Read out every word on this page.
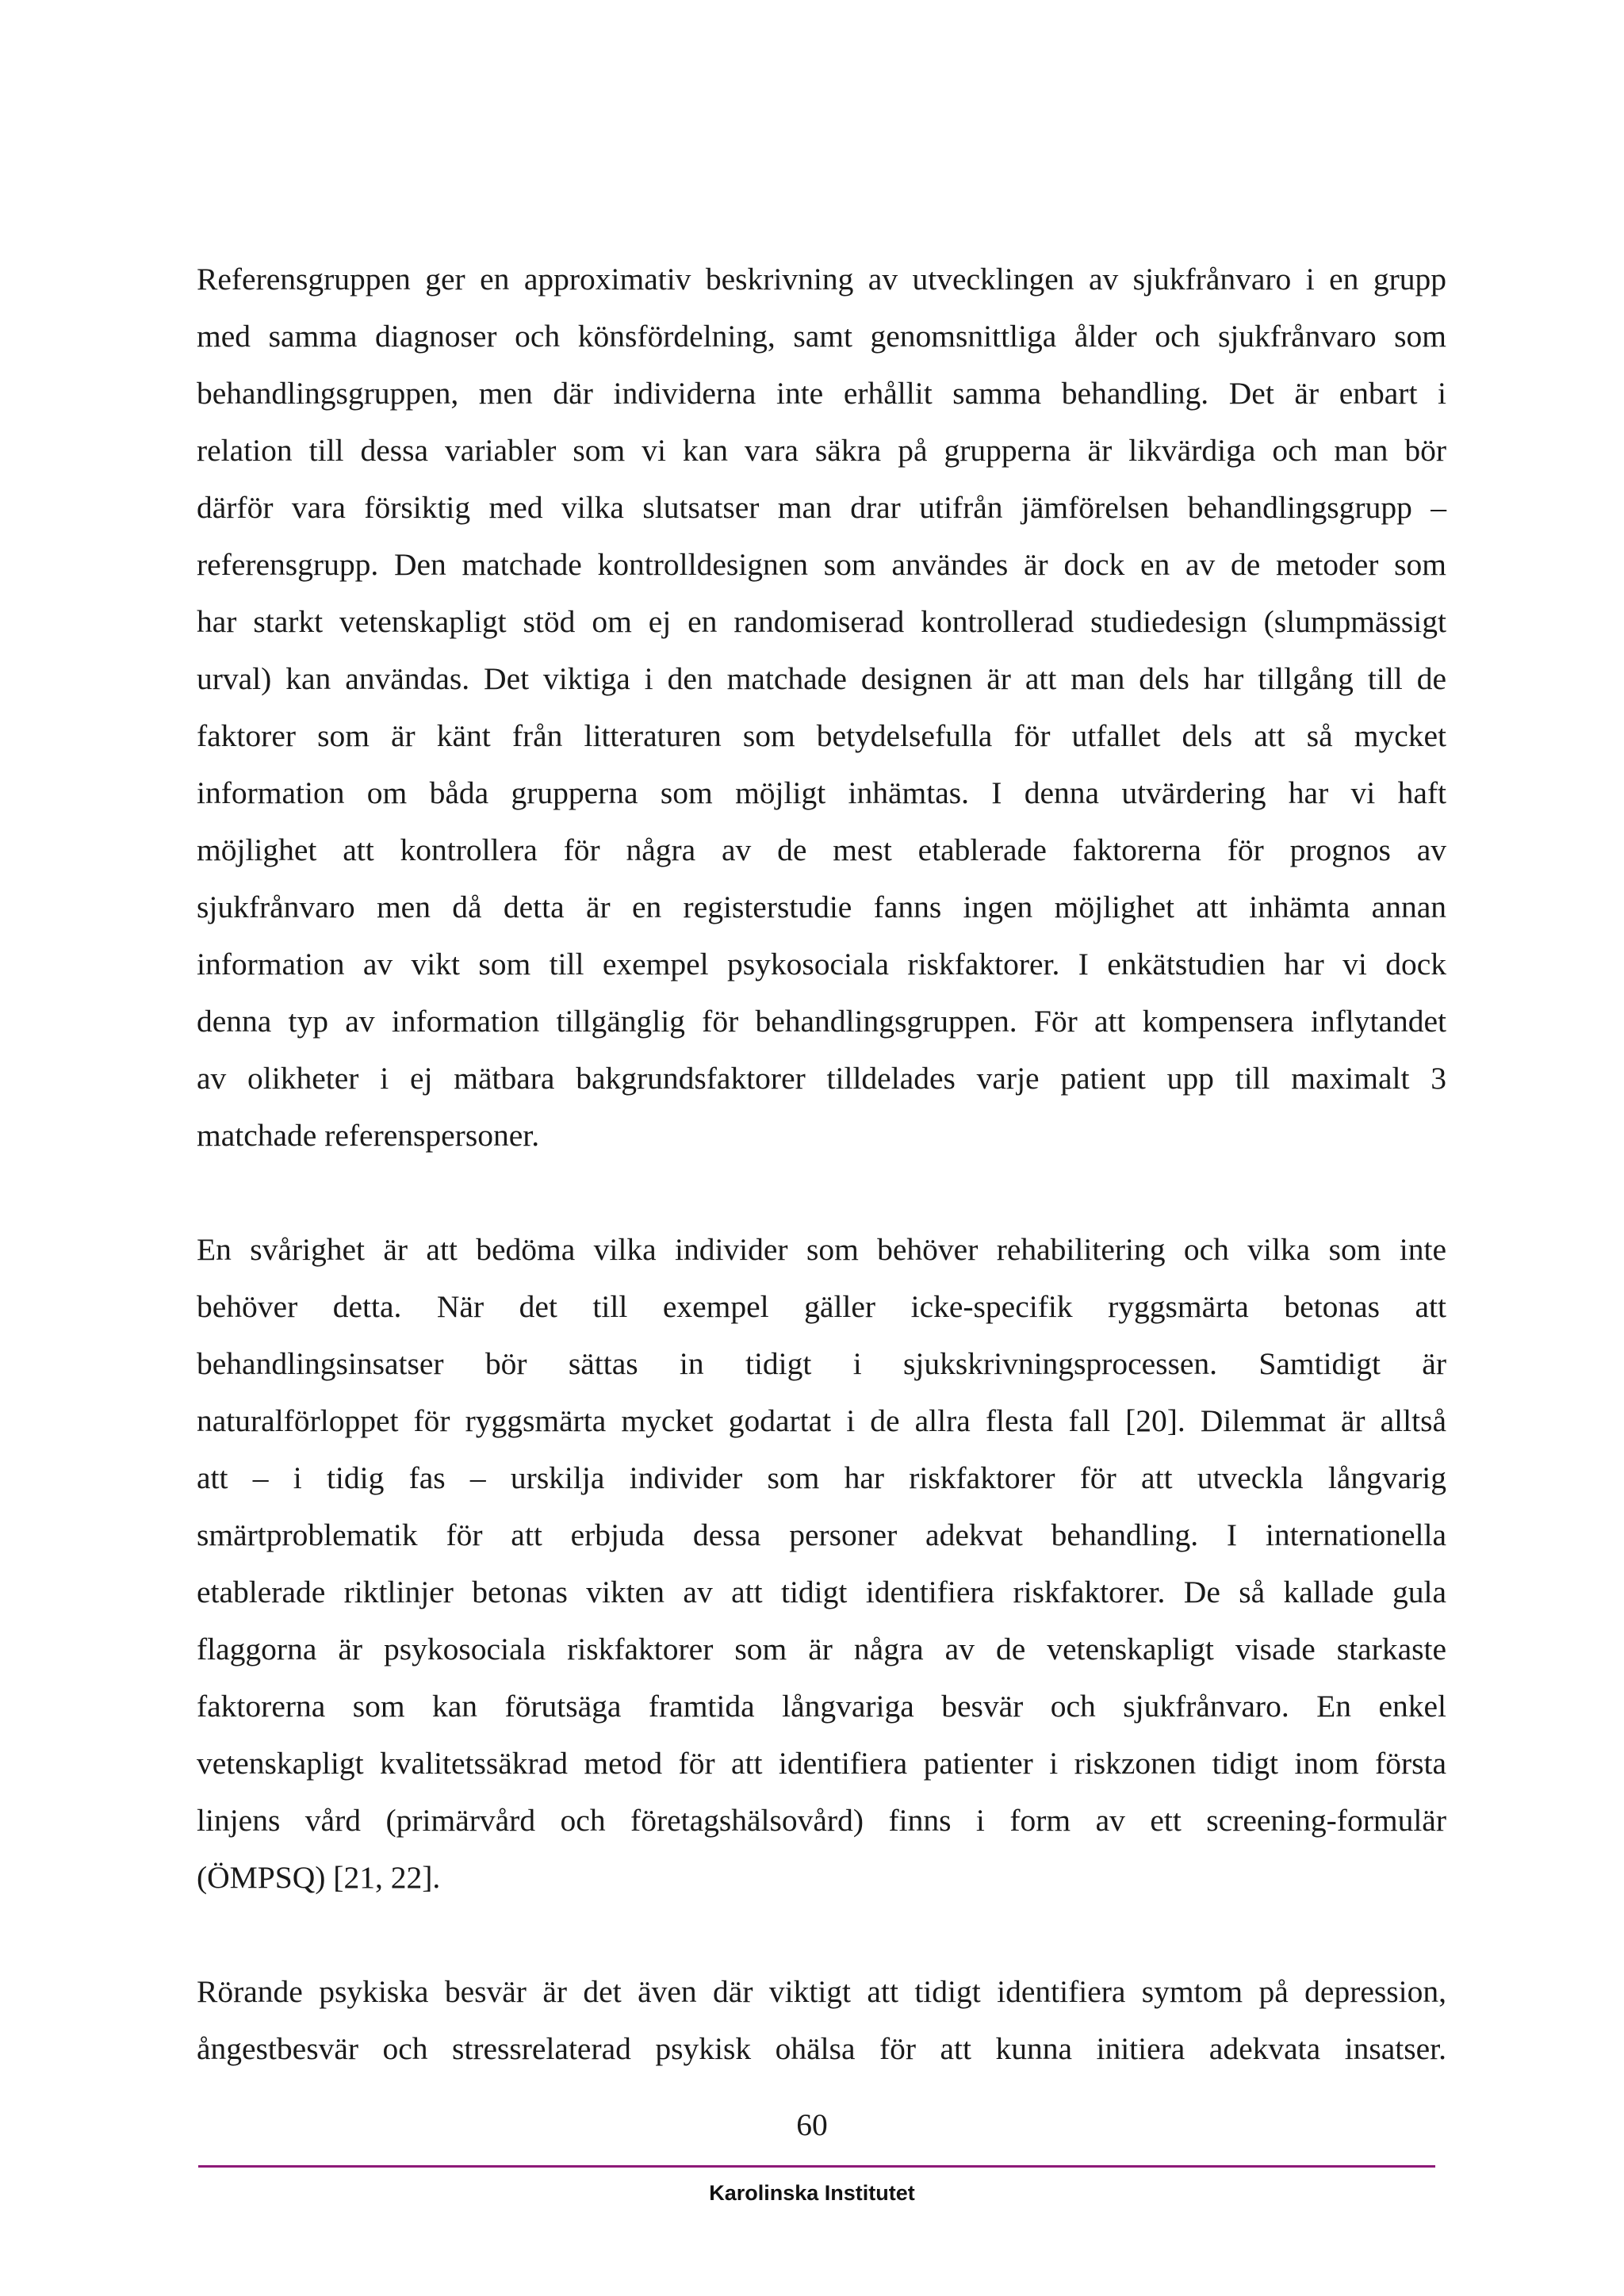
Referensgruppen ger en approximativ beskrivning av utvecklingen av sjukfrånvaro i en grupp
med samma diagnoser och könsfördelning, samt genomsnittliga ålder och sjukfrånvaro som
behandlingsgruppen, men där individerna inte erhållit samma behandling. Det är enbart i
relation till dessa variabler som vi kan vara säkra på grupperna är likvärdiga och man bör
därför vara försiktig med vilka slutsatser man drar utifrån jämförelsen behandlingsgrupp –
referensgrupp. Den matchade kontrolldesignen som användes är dock en av de metoder som
har starkt vetenskapligt stöd om ej en randomiserad kontrollerad studiedesign (slumpmässigt
urval) kan användas. Det viktiga i den matchade designen är att man dels har tillgång till de
faktorer som är känt från litteraturen som betydelsefulla för utfallet dels att så mycket
information om båda grupperna som möjligt inhämtas. I denna utvärdering har vi haft
möjlighet att kontrollera för några av de mest etablerade faktorerna för prognos av
sjukfrånvaro men då detta är en registerstudie fanns ingen möjlighet att inhämta annan
information av vikt som till exempel psykosociala riskfaktorer. I enkätstudien har vi dock
denna typ av information tillgänglig för behandlingsgruppen. För att kompensera inflytandet
av olikheter i ej mätbara bakgrundsfaktorer tilldelades varje patient upp till maximalt 3
matchade referenspersoner.
En svårighet är att bedöma vilka individer som behöver rehabilitering och vilka som inte
behöver detta. När det till exempel gäller icke-specifik ryggsmärta betonas att
behandlingsinsatser bör sättas in tidigt i sjukskrivningsprocessen. Samtidigt är
naturalförloppet för ryggsmärta mycket godartat i de allra flesta fall [20]. Dilemmat är alltså
att – i tidig fas – urskilja individer som har riskfaktorer för att utveckla långvarig
smärtproblematik för att erbjuda dessa personer adekvat behandling. I internationella
etablerade riktlinjer betonas vikten av att tidigt identifiera riskfaktorer. De så kallade gula
flaggorna är psykosociala riskfaktorer som är några av de vetenskapligt visade starkaste
faktorerna som kan förutsäga framtida långvariga besvär och sjukfrånvaro. En enkel
vetenskapligt kvalitetssäkrad metod för att identifiera patienter i riskzonen tidigt inom första
linjens vård (primärvård och företagshälsovård) finns i form av ett screening-formulär
(ÖMPSQ) [21, 22].
Rörande psykiska besvär är det även där viktigt att tidigt identifiera symtom på depression,
ångestbesvär och stressrelaterad psykisk ohälsa för att kunna initiera adekvata insatser.
60
Karolinska Institutet
